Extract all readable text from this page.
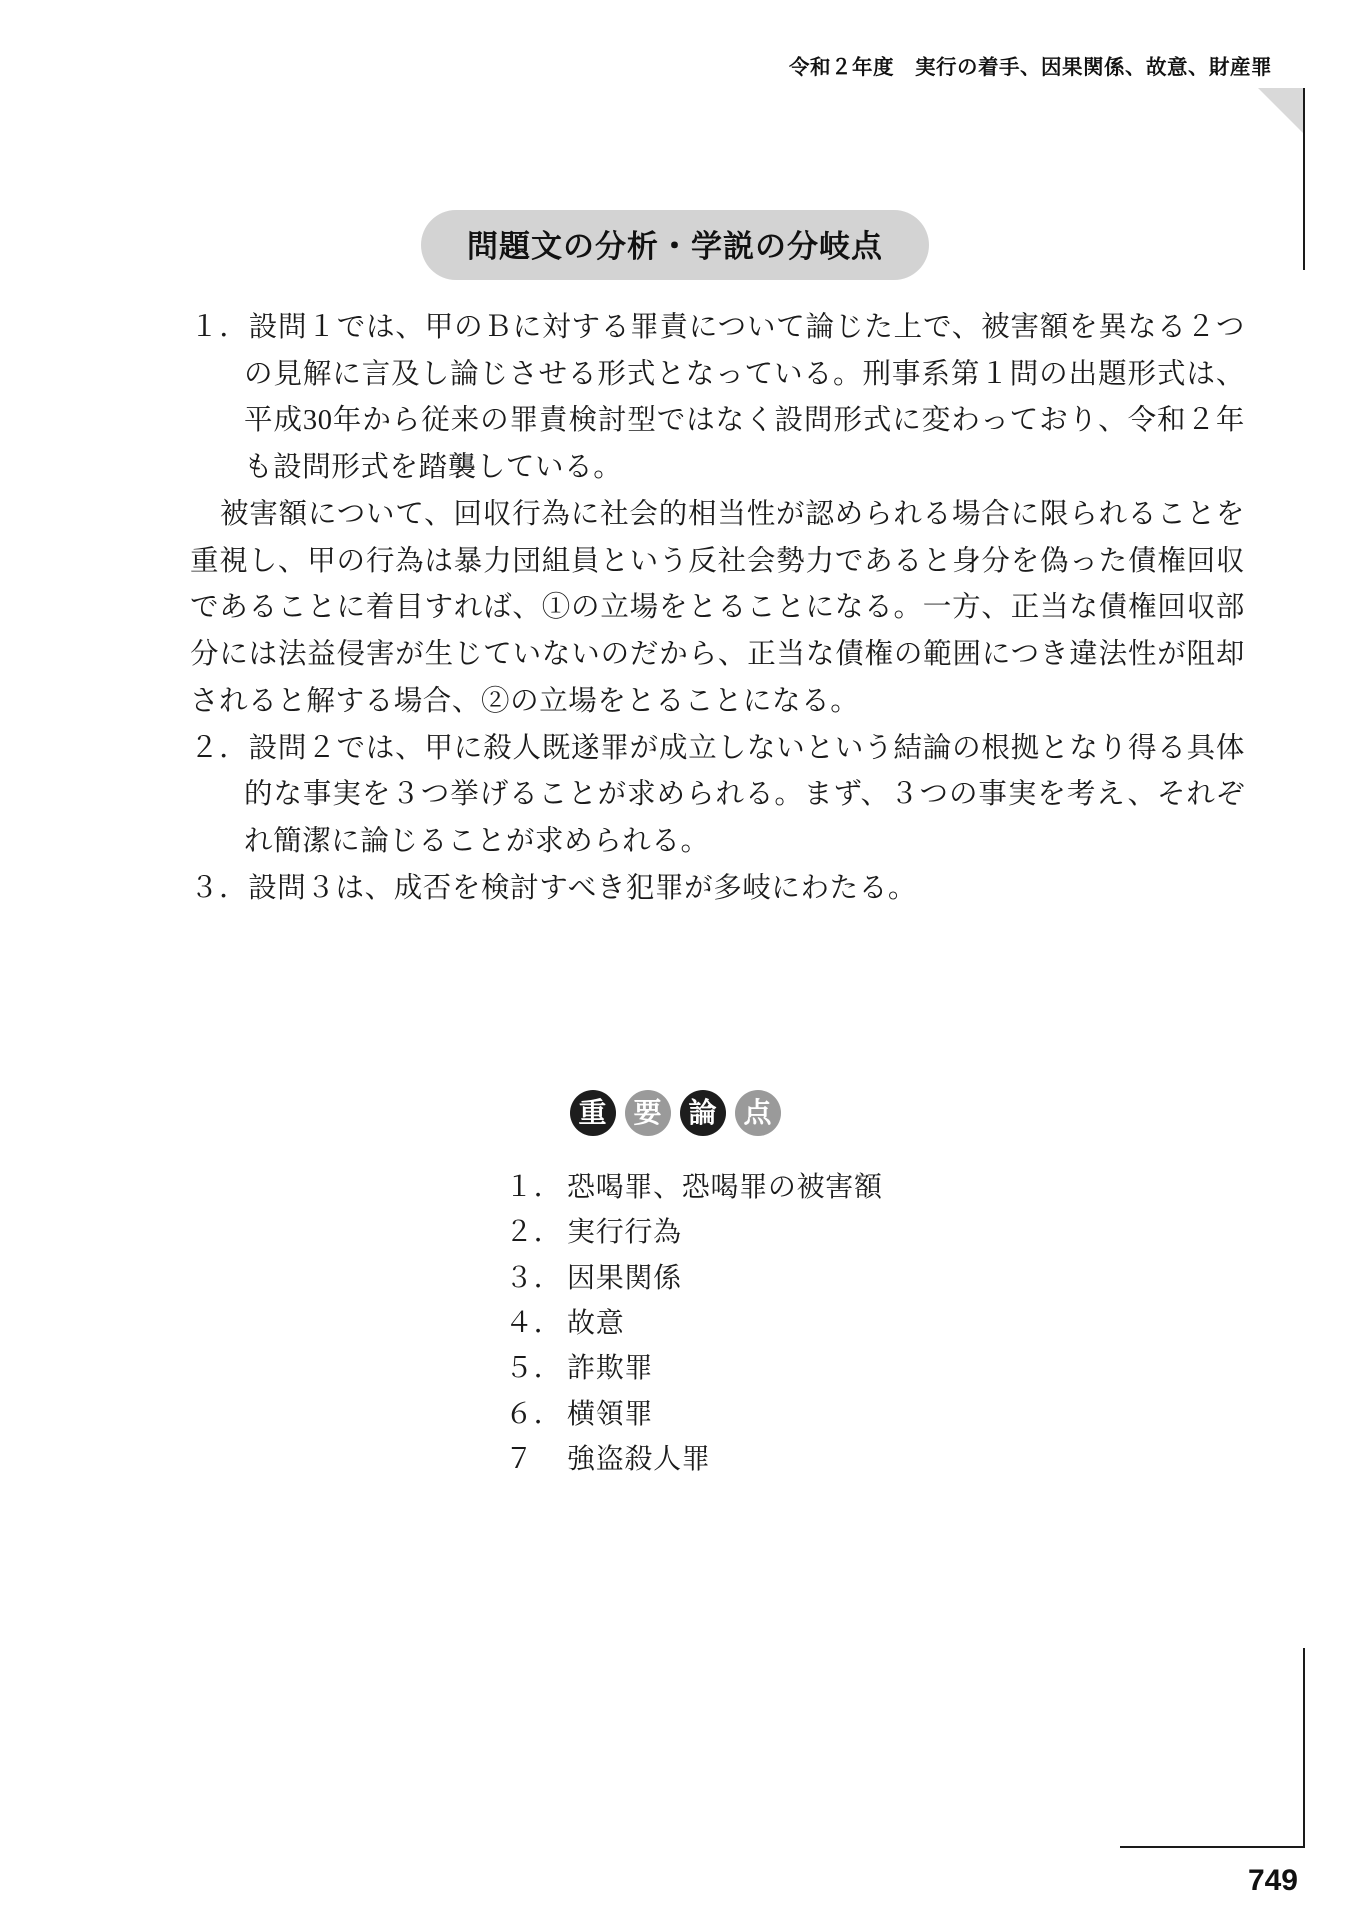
令和２年度　実行の着手、因果関係、故意、財産罪
問題文の分析・学説の分岐点

１．設問１では、甲のＢに対する罪責について論じた上で、被害額を異なる２つの見解に言及し論じさせる形式となっている。刑事系第１問の出題形式は、平成30年から従来の罪責検討型ではなく設問形式に変わっており、令和２年も設問形式を踏襲している。

被害額について、回収行為に社会的相当性が認められる場合に限られることを重視し、甲の行為は暴力団組員という反社会勢力であると身分を偽った債権回収であることに着目すれば、①の立場をとることになる。一方、正当な債権回収部分には法益侵害が生じていないのだから、正当な債権の範囲につき違法性が阻却されると解する場合、②の立場をとることになる。

２．設問２では、甲に殺人既遂罪が成立しないという結論の根拠となり得る具体的な事実を３つ挙げることが求められる。まず、３つの事実を考え、それぞれ簡潔に論じることが求められる。

３．設問３は、成否を検討すべき犯罪が多岐にわたる。

重 要 論 点
１． 恐喝罪、恐喝罪の被害額
２． 実行行為
３． 因果関係
４． 故意
５． 詐欺罪
６． 横領罪
７ 強盗殺人罪
749
